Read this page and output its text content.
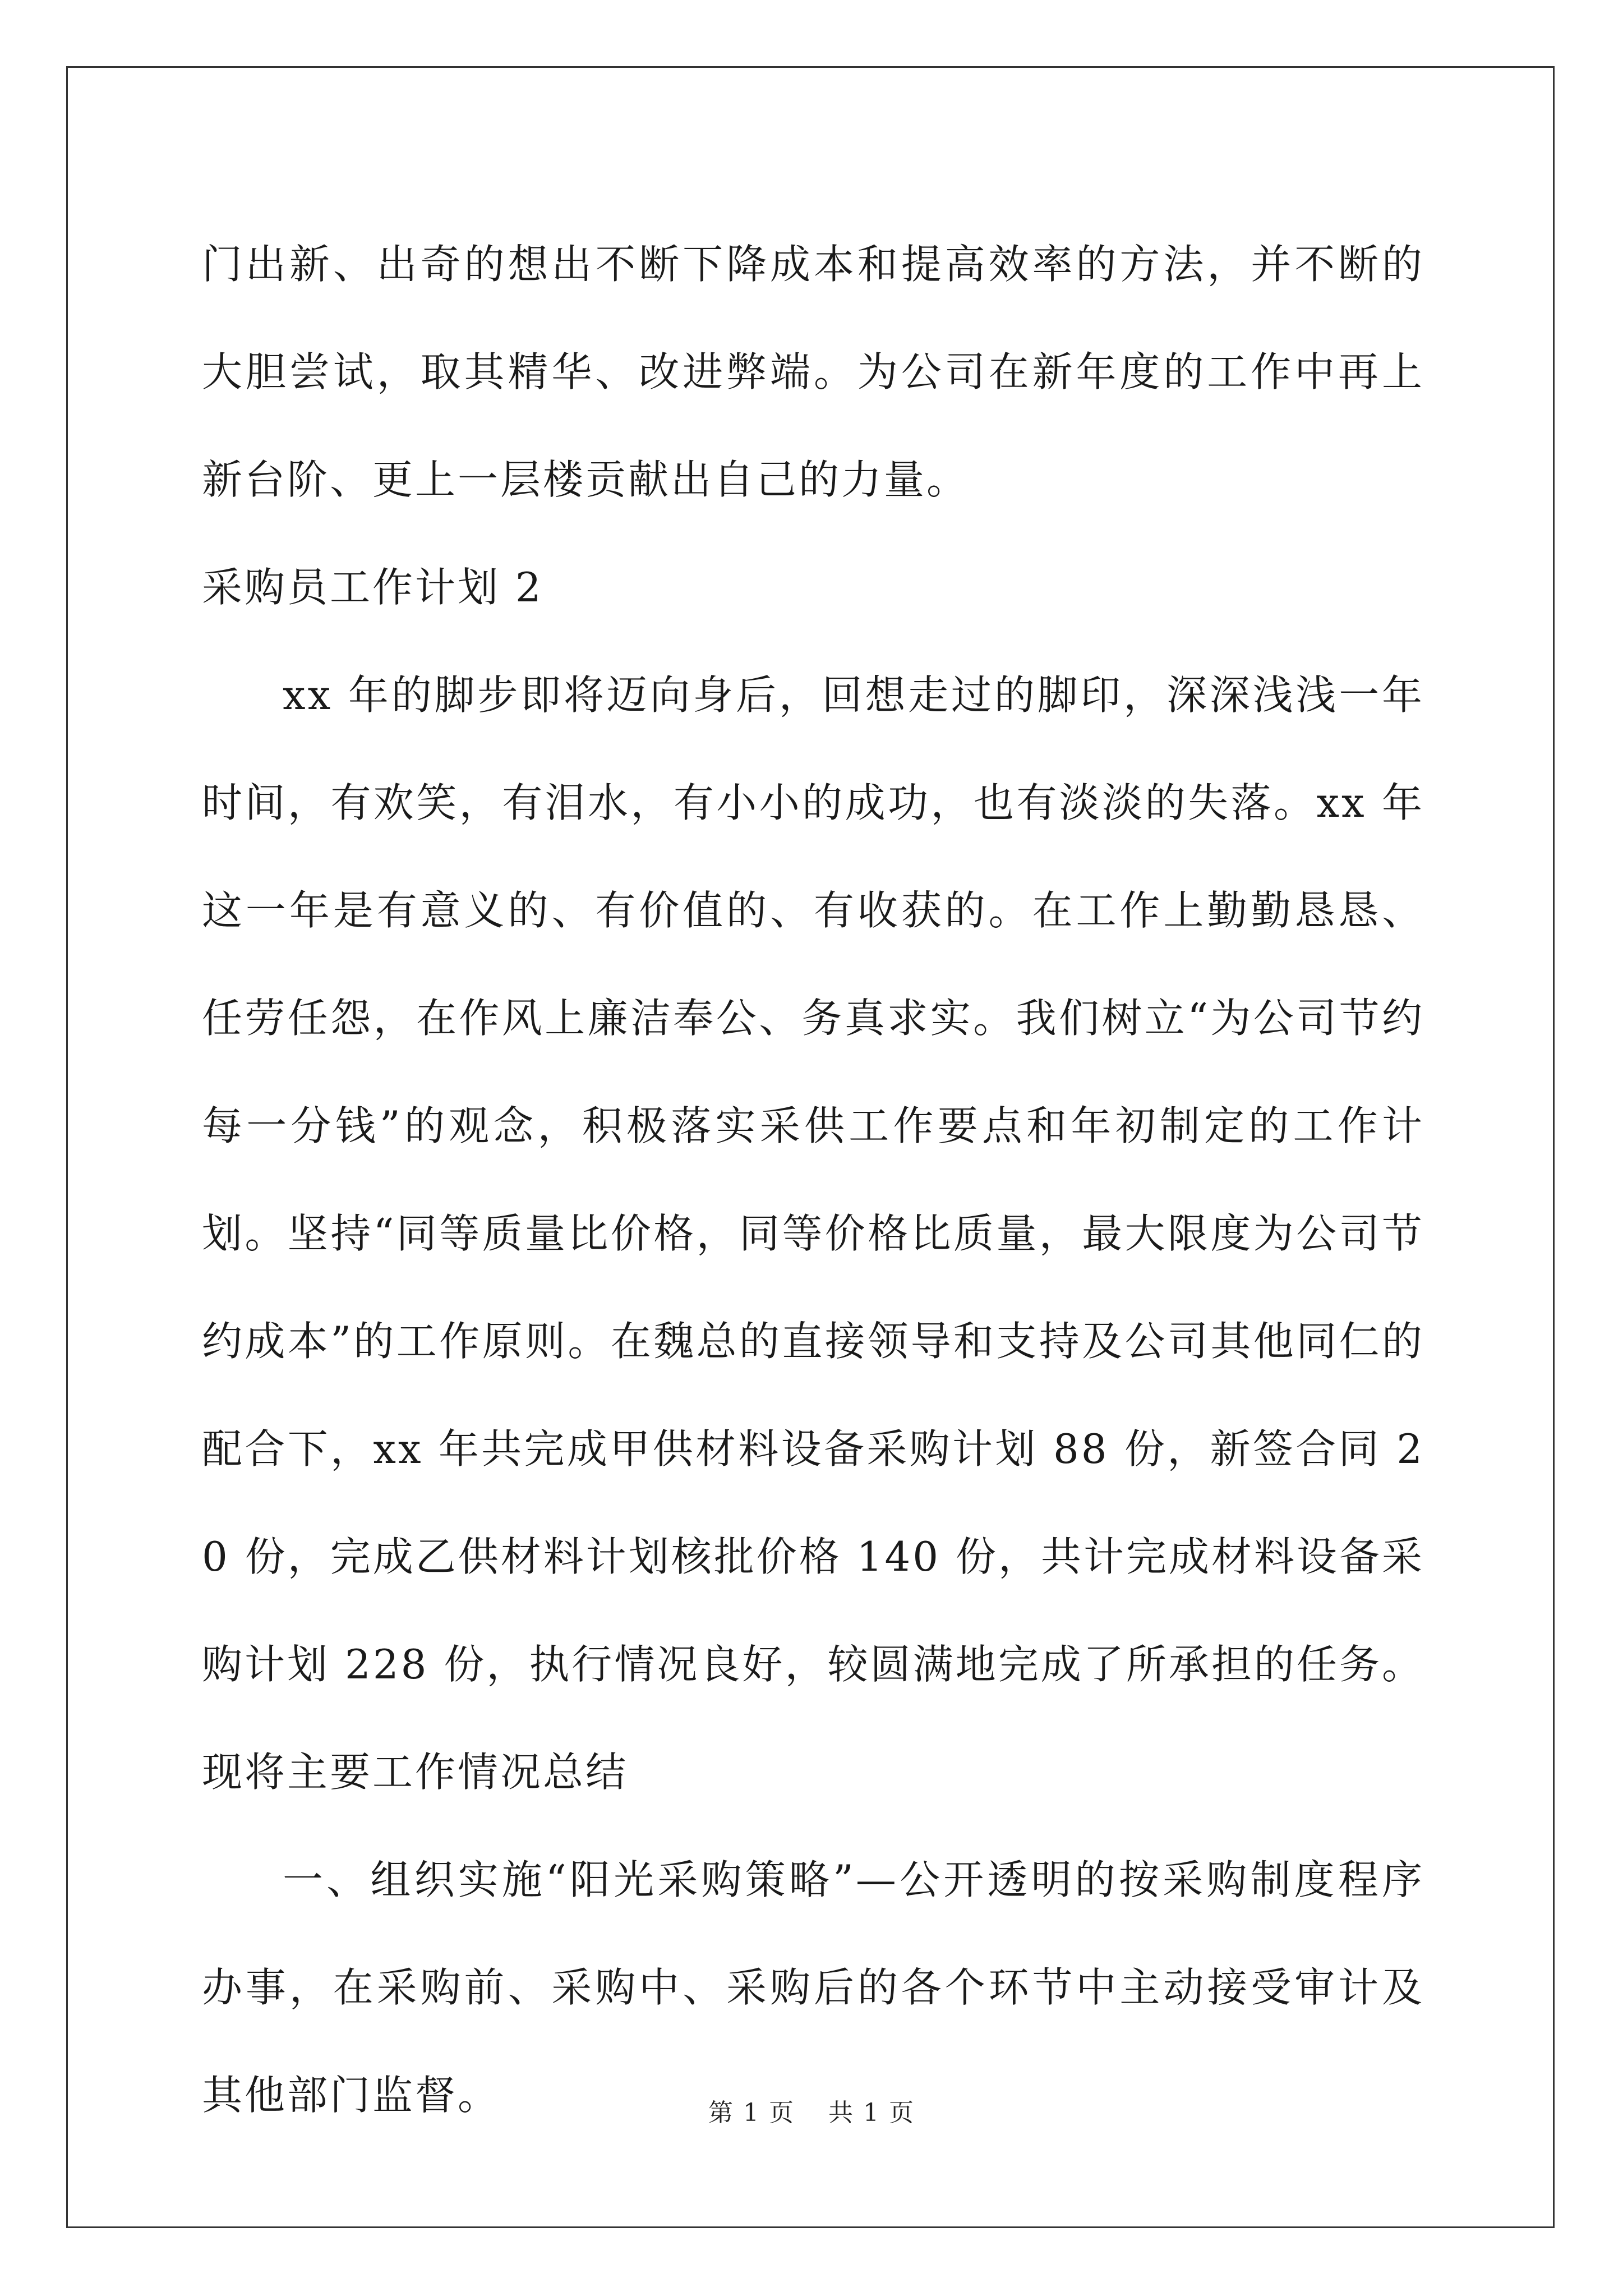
门出新、出奇的想出不断下降成本和提高效率的方法，并不断的大胆尝试，取其精华、改进弊端。为公司在新年度的工作中再上新台阶、更上一层楼贡献出自己的力量。

采购员工作计划 2

xx 年的脚步即将迈向身后，回想走过的脚印，深深浅浅一年时间，有欢笑，有泪水，有小小的成功，也有淡淡的失落。xx 年这一年是有意义的、有价值的、有收获的。在工作上勤勤恳恳、任劳任怨，在作风上廉洁奉公、务真求实。我们树立“为公司节约每一分钱”的观念，积极落实采供工作要点和年初制定的工作计划。坚持“同等质量比价格，同等价格比质量，最大限度为公司节约成本”的工作原则。在魏总的直接领导和支持及公司其他同仁的配合下，xx 年共完成甲供材料设备采购计划 88 份，新签合同 20 份，完成乙供材料计划核批价格 140 份，共计完成材料设备采购计划 228 份，执行情况良好，较圆满地完成了所承担的任务。现将主要工作情况总结

一、组织实施“阳光采购策略”—公开透明的按采购制度程序办事，在采购前、采购中、采购后的各个环节中主动接受审计及其他部门监督。	第 1 页 共 1 页
